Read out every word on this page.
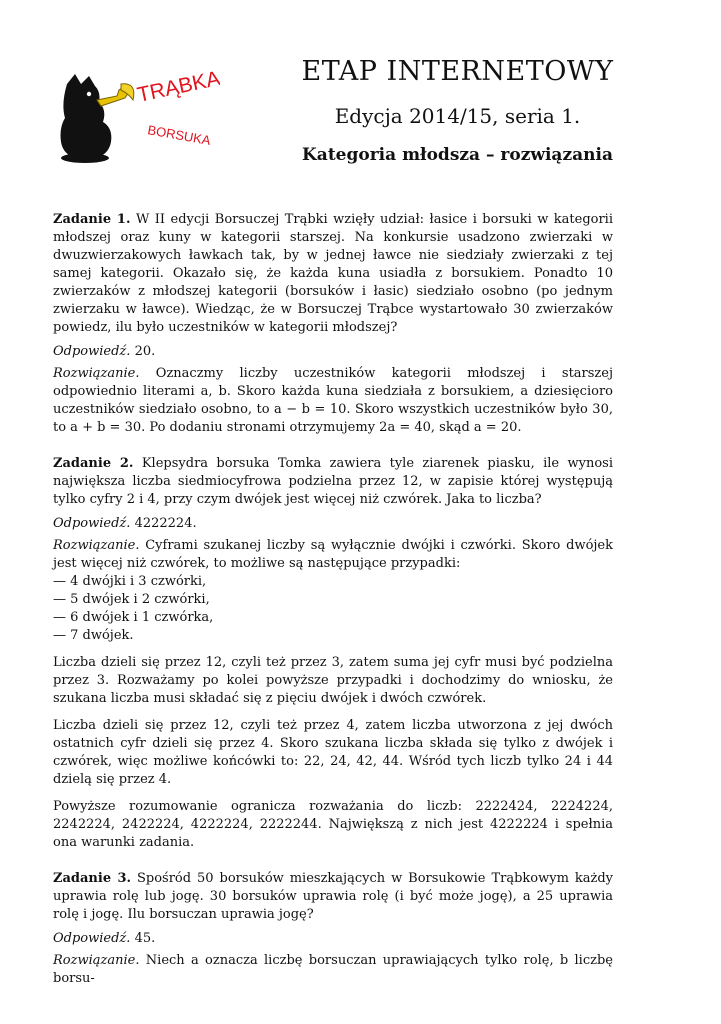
TRĄBKA
BORSUKA
ETAP INTERNETOWY
Edycja 2014/15, seria 1.
Kategoria młodsza – rozwiązania

Zadanie 1. W II edycji Borsuczej Trąbki wzięły udział: łasice i borsuki w kategorii młodszej oraz kuny w kategorii starszej. Na konkursie usadzono zwierzaki w dwuzwierzakowych ławkach tak, by w jednej ławce nie siedziały zwierzaki z tej samej kategorii. Okazało się, że każda kuna usiadła z borsukiem. Ponadto 10 zwierzaków z młodszej kategorii (borsuków i łasic) siedziało osobno (po jednym zwierzaku w ławce). Wiedząc, że w Borsuczej Trąbce wystartowało 30 zwierzaków powiedz, ilu było uczestników w kategorii młodszej?

Odpowiedź. 20.

Rozwiązanie. Oznaczmy liczby uczestników kategorii młodszej i starszej odpowiednio literami a, b. Skoro każda kuna siedziała z borsukiem, a dziesięcioro uczestników siedziało osobno, to a − b = 10. Skoro wszystkich uczestników było 30, to a + b = 30. Po dodaniu stronami otrzymujemy 2a = 40, skąd a = 20.

Zadanie 2. Klepsydra borsuka Tomka zawiera tyle ziarenek piasku, ile wynosi największa liczba siedmiocyfrowa podzielna przez 12, w zapisie której występują tylko cyfry 2 i 4, przy czym dwójek jest więcej niż czwórek. Jaka to liczba?

Odpowiedź. 4222224.

Rozwiązanie. Cyframi szukanej liczby są wyłącznie dwójki i czwórki. Skoro dwójek jest więcej niż czwórek, to możliwe są następujące przypadki:

— 4 dwójki i 3 czwórki,
— 5 dwójek i 2 czwórki,
— 6 dwójek i 1 czwórka,
— 7 dwójek.

Liczba dzieli się przez 12, czyli też przez 3, zatem suma jej cyfr musi być podzielna przez 3. Rozważamy po kolei powyższe przypadki i dochodzimy do wniosku, że szukana liczba musi składać się z pięciu dwójek i dwóch czwórek.

Liczba dzieli się przez 12, czyli też przez 4, zatem liczba utworzona z jej dwóch ostatnich cyfr dzieli się przez 4. Skoro szukana liczba składa się tylko z dwójek i czwórek, więc możliwe końcówki to: 22, 24, 42, 44. Wśród tych liczb tylko 24 i 44 dzielą się przez 4.

Powyższe rozumowanie ogranicza rozważania do liczb: 2222424, 2224224, 2242224, 2422224, 4222224, 2222244. Największą z nich jest 4222224 i spełnia ona warunki zadania.

Zadanie 3. Spośród 50 borsuków mieszkających w Borsukowie Trąbkowym każdy uprawia rolę lub jogę. 30 borsuków uprawia rolę (i być może jogę), a 25 uprawia rolę i jogę. Ilu borsuczan uprawia jogę?

Odpowiedź. 45.

Rozwiązanie. Niech a oznacza liczbę borsuczan uprawiających tylko rolę, b liczbę borsu-
